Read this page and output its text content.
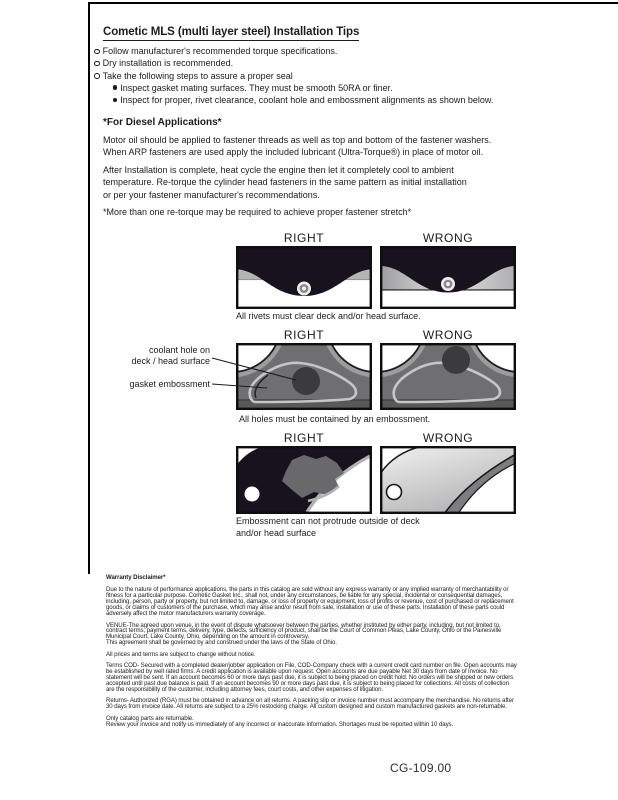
Cometic MLS (multi layer steel) Installation Tips
Follow manufacturer's recommended torque specifications.
Dry installation is recommended.
Take the following steps to assure a proper seal
Inspect gasket mating surfaces. They must be smooth 50RA or finer.
Inspect for proper, rivet clearance, coolant hole and embossment alignments as shown below.
*For Diesel Applications*
Motor oil should be applied to fastener threads as well as top and bottom of the fastener washers.
When ARP fasteners are used apply the included lubricant (Ultra-Torque®) in place of motor oil.
After Installation is complete, heat cycle the engine then let it completely cool to ambient
temperature. Re-torque the cylinder head fasteners in the same pattern as initial installation
or per your fastener manufacturer's recommendations.
*More than one re-torque may be required to achieve proper fastener stretch*
RIGHT	WRONG
All rivets must clear deck and/or head surface.
RIGHT	WRONG
All holes must be contained by an embossment.
coolant hole on
deck / head surface
gasket embossment
RIGHT	WRONG
Embossment can not protrude outside of deck
and/or head surface
Warranty Disclaimer*
Due to the nature of performance applications, the parts in this catalog are sold without any express warranty or any implied warranty of merchantability or
fitness for a particular purpose. Cometic Gasket Inc., shall not, under any circumstances, be liable for any special, incidental or consequential damages,
including, person, party or property, but not limited to, damage, or loss of property or equipment, loss of profits or revenue, cost of purchased or replacement
goods, or claims of customers of the purchase, which may arise and/or result from sale, installation or use of these parts. Installation of these parts could
adversely affect the motor manufacturers warranty coverage.
VENUE-The agreed upon venue, in the event of dispute whatsoever between the parties, whether instituted by either party, including, but not limited to,
contract terms, payment terms, delivery, type, defects, sufficiency of product, shall be the Court of Common Pleas, Lake County, Ohio or the Painesville
Municipal Court, Lake County, Ohio, depending on the amount in controversy.
This agreement shall be governed by and construed under the laws of the State of Ohio.
All prices and terms are subject to change without notice.
Terms COD- Secured with a completed dealer/jobber application on File, COD-Company check with a current credit card number on file. Open accounts may
be established by well rated firms. A credit application is available upon request. Open accounts are due payable Net 30 days from date of invoice. No
statement will be sent. If an account becomes 60 or more days past due, it is subject to being placed on credit hold. No orders will be shipped or new orders
accepted until past due balance is paid. If an account becomes 90 or more days past due, it is subject to being placed for collections. All costs of collection
are the responsibility of the customer, including attorney fees, court costs, and other expenses of litigation.
Returns- Authorized (RGA) must be obtained in advance on all returns. A packing slip or invoice number must accompany the merchandise. No returns after
30 days from invoice date. All returns are subject to a 25% restocking charge. All custom designed and custom manufactured gaskets are non-returnable.
Only catalog parts are returnable.
Review your invoice and notify us immediately of any incorrect or inaccurate information. Shortages must be reported within 10 days.
CG-109.00
